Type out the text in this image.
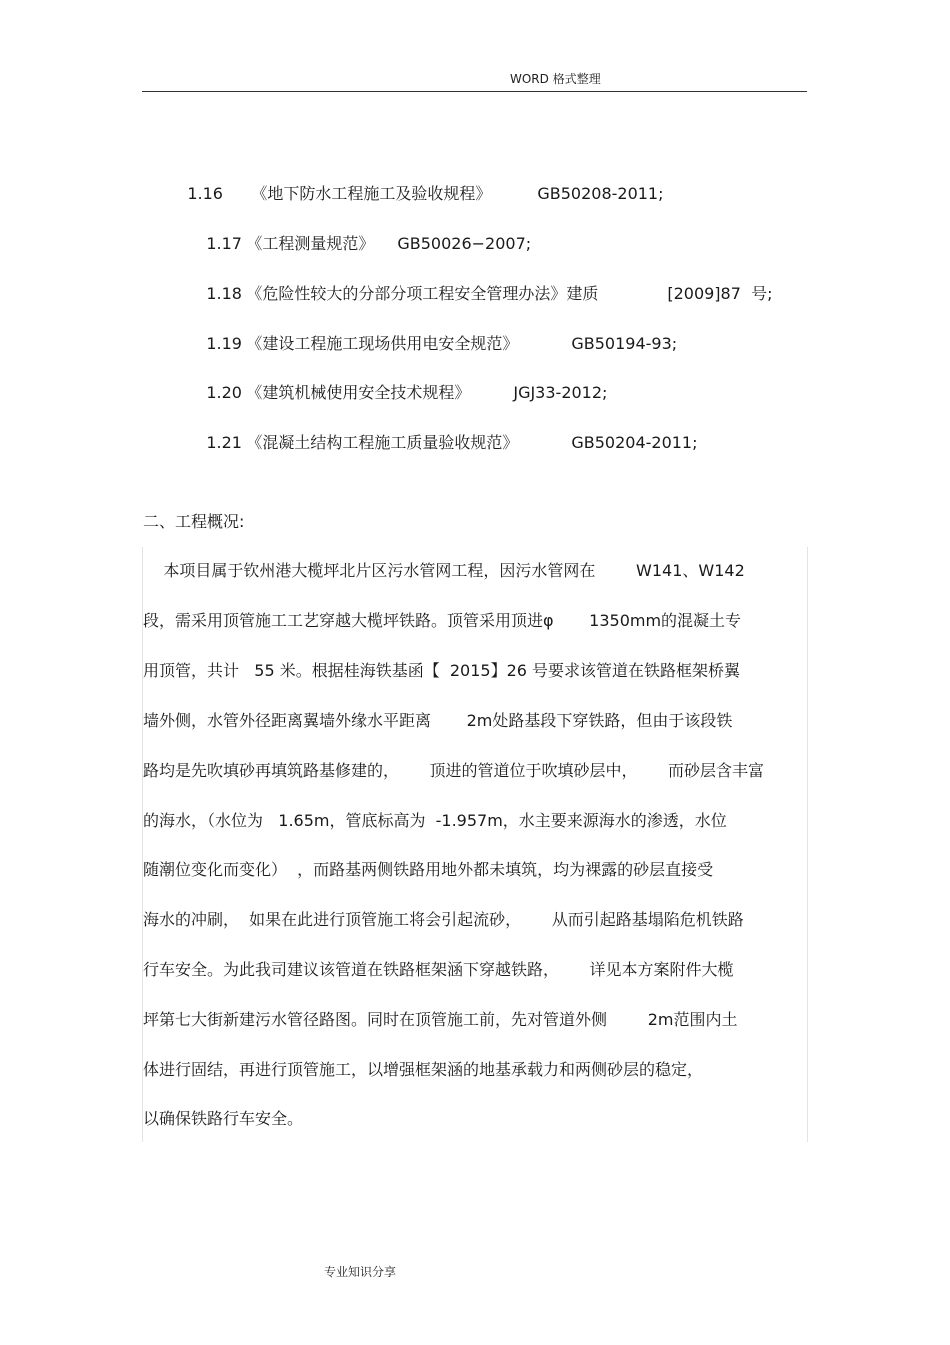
WORD 格式整理

1.16 《地下防水工程施工及验收规程》	GB50208-2011;

1.17 《工程测量规范》 GB50026−2007;

1.18 《危险性较大的分部分项工程安全管理办法》建质	[2009]87  号;

1.19 《建设工程施工现场供用电安全规范》	GB50194-93;

1.20 《建筑机械使用安全技术规程》	JGJ33-2012;

1.21 《混凝土结构工程施工质量验收规范》	GB50204-2011;

二、工程概况:
本项目属于钦州港大榄坪北片区污水管网工程，因污水管网在        W141、W142
段，需采用顶管施工工艺穿越大榄坪铁路。顶管采用顶进φ       1350mm的混凝土专
用顶管，共计   55 米。根据桂海铁基函【  2015】26 号要求该管道在铁路框架桥翼
墙外侧，水管外径距离翼墙外缘水平距离       2m处路基段下穿铁路，但由于该段铁
路均是先吹填砂再填筑路基修建的，      顶进的管道位于吹填砂层中，      而砂层含丰富
的海水，（水位为   1.65m，管底标高为  -1.957m，水主要来源海水的渗透，水位
随潮位变化而变化）  ，而路基两侧铁路用地外都未填筑，均为裸露的砂层直接受
海水的冲刷，  如果在此进行顶管施工将会引起流砂，      从而引起路基塌陷危机铁路
行车安全。为此我司建议该管道在铁路框架涵下穿越铁路，      详见本方案附件大榄
坪第七大街新建污水管径路图。同时在顶管施工前，先对管道外侧        2m范围内土
体进行固结，再进行顶管施工，以增强框架涵的地基承载力和两侧砂层的稳定，
以确保铁路行车安全。
专业知识分享
